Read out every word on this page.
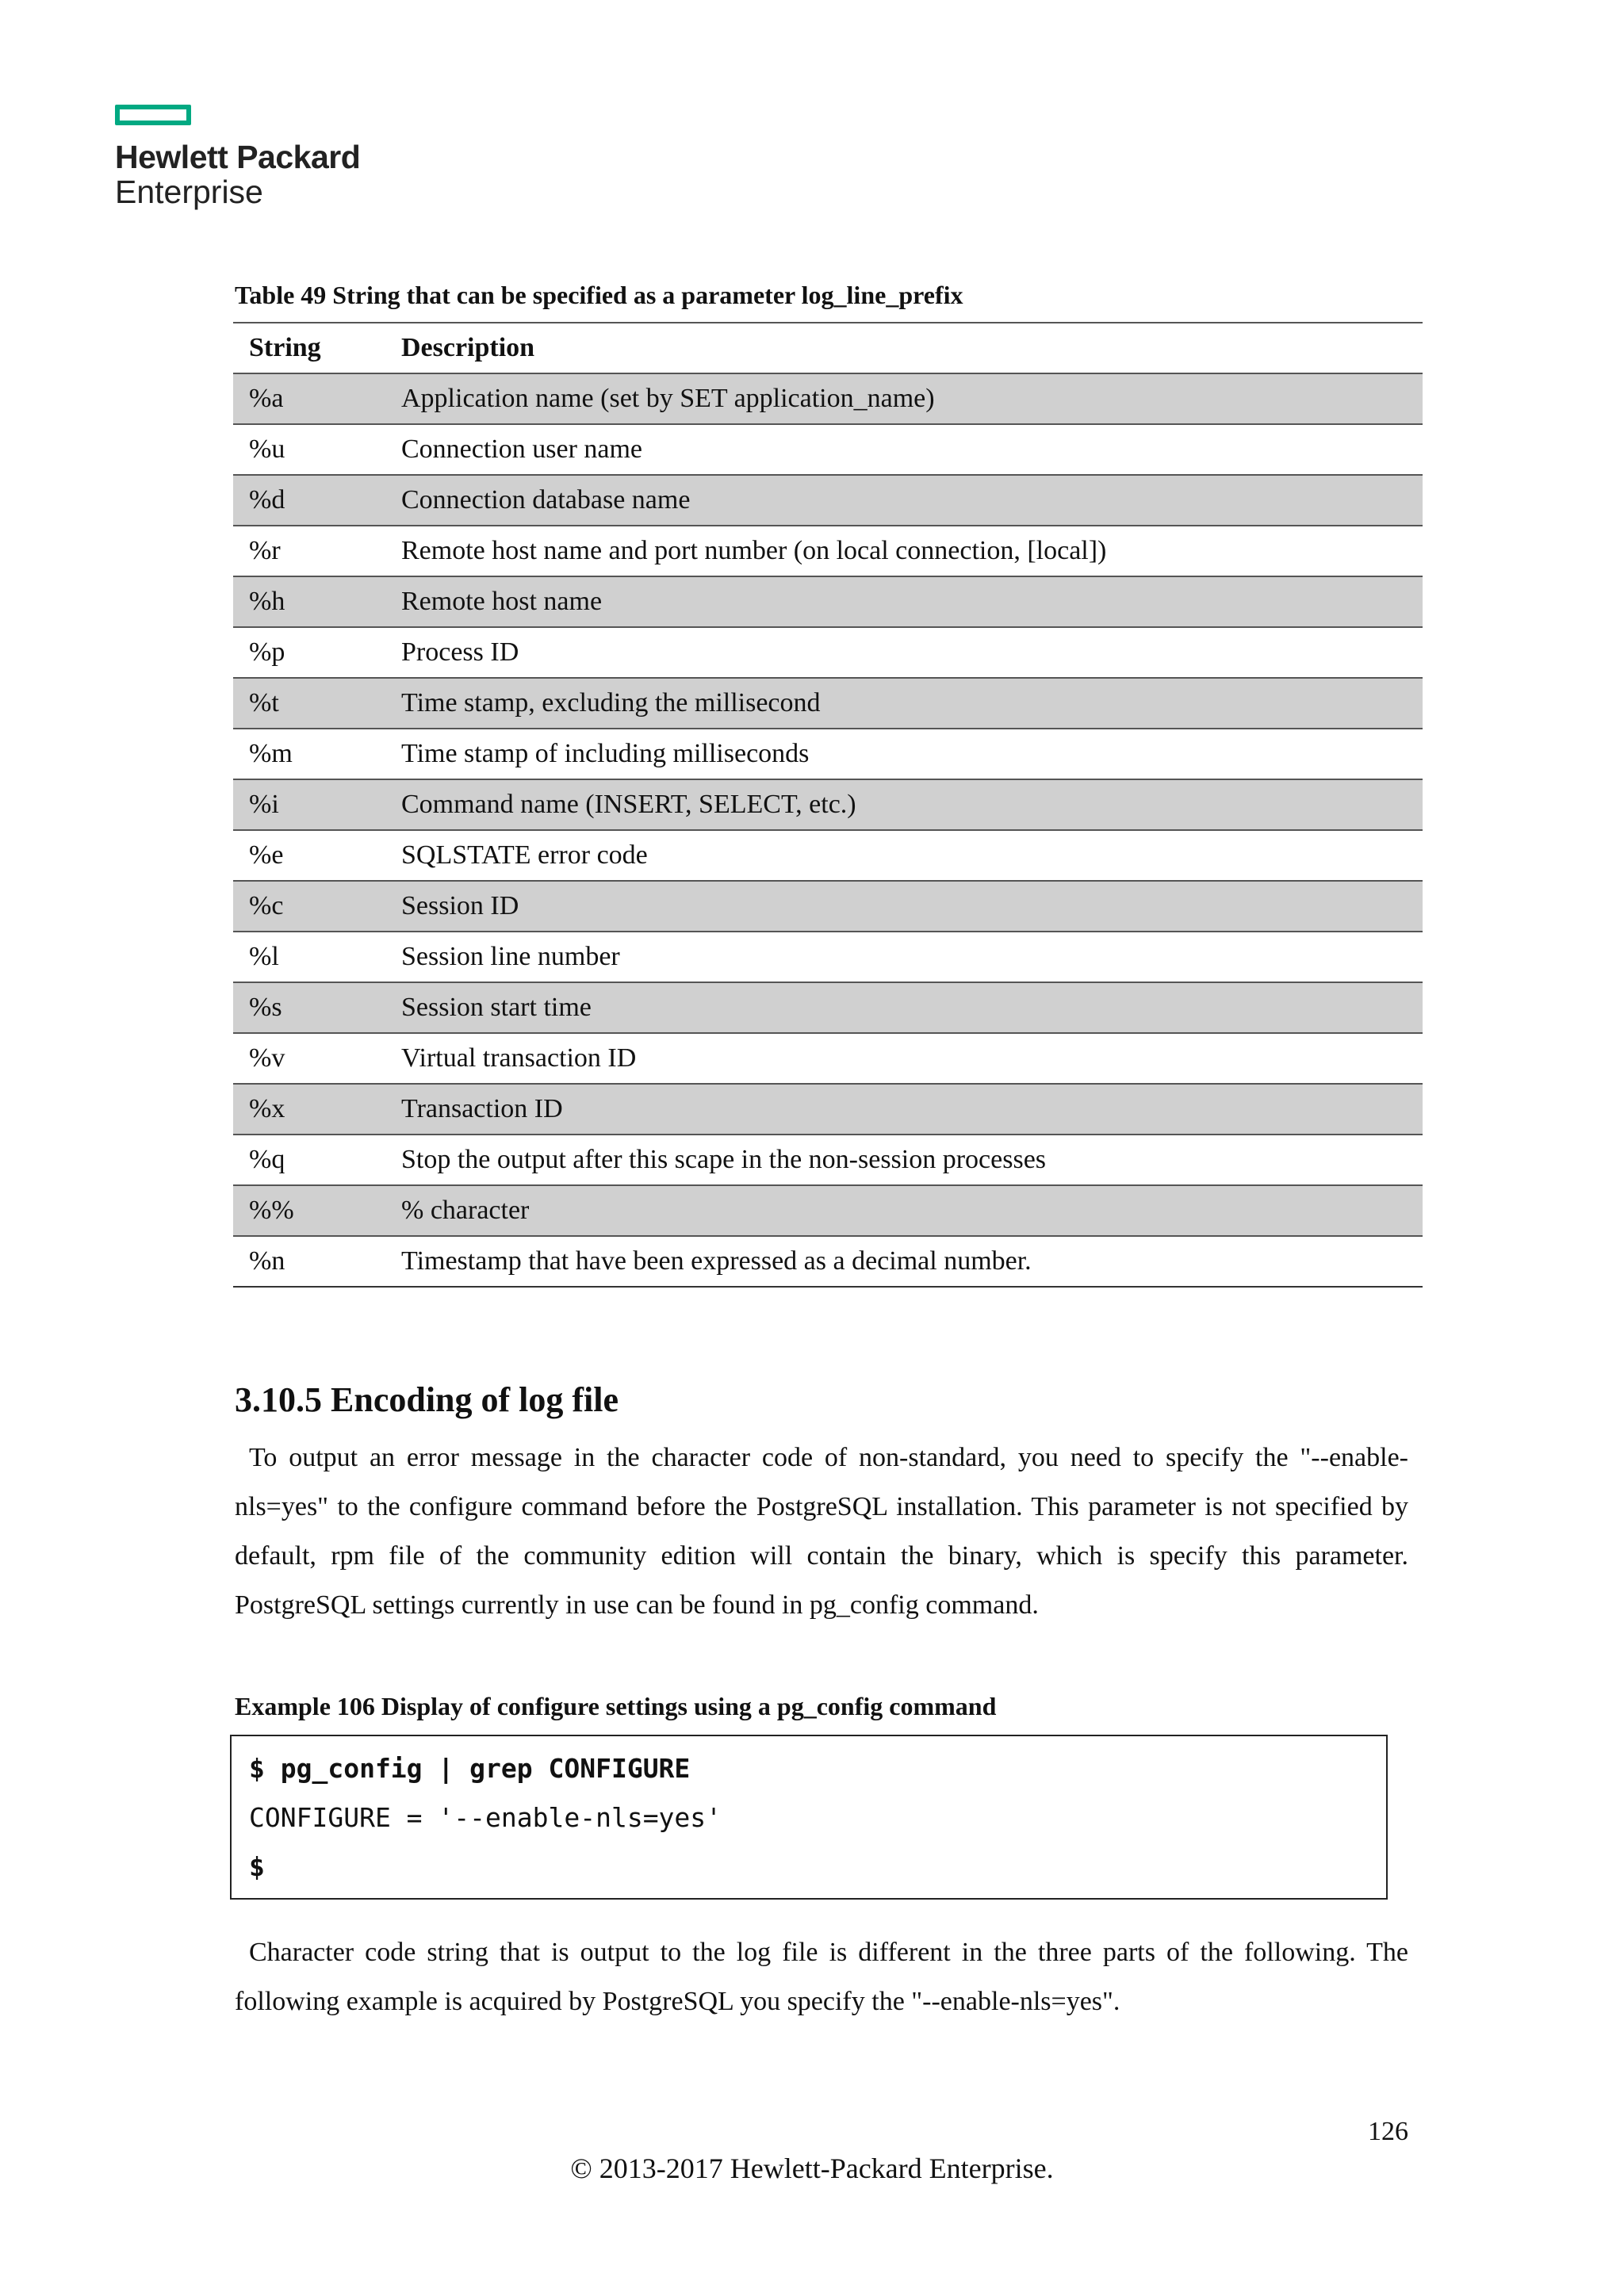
Hewlett Packard
Enterprise
Table 49 String that can be specified as a parameter log_line_prefix
String	Description
%a	Application name (set by SET application_name)
%u	Connection user name
%d	Connection database name
%r	Remote host name and port number (on local connection, [local])
%h	Remote host name
%p	Process ID
%t	Time stamp, excluding the millisecond
%m	Time stamp of including milliseconds
%i	Command name (INSERT, SELECT, etc.)
%e	SQLSTATE error code
%c	Session ID
%l	Session line number
%s	Session start time
%v	Virtual transaction ID
%x	Transaction ID
%q	Stop the output after this scape in the non-session processes
%%	% character
%n	Timestamp that have been expressed as a decimal number.
3.10.5 Encoding of log file
To output an error message in the character code of non-standard, you need to specify the "--enable-nls=yes" to the configure command before the PostgreSQL installation. This parameter is not specified by default, rpm file of the community edition will contain the binary, which is specify this parameter. PostgreSQL settings currently in use can be found in pg_config command.
Example 106 Display of configure settings using a pg_config command
$ pg_config | grep CONFIGURE
CONFIGURE = '--enable-nls=yes'
$
Character code string that is output to the log file is different in the three parts of the following. The following example is acquired by PostgreSQL you specify the "--enable-nls=yes".
126
© 2013-2017 Hewlett-Packard Enterprise.
